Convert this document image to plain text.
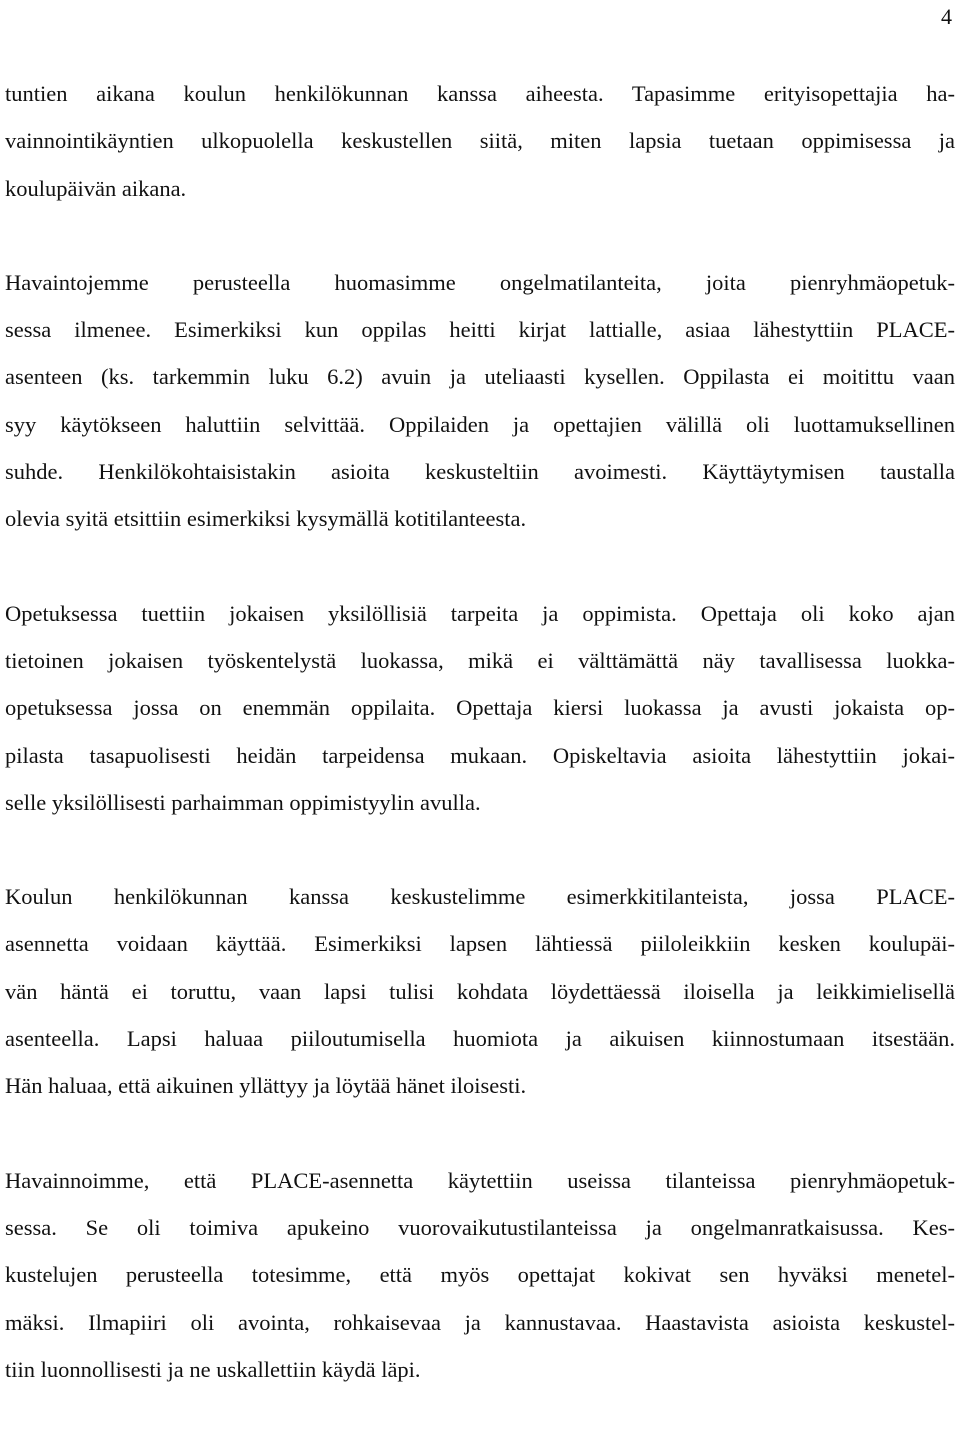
4

tuntien aikana koulun henkilökunnan kanssa aiheesta. Tapasimme erityisopettajia ha-
vainnointikäyntien ulkopuolella keskustellen siitä, miten lapsia tuetaan oppimisessa ja
koulupäivän aikana.

Havaintojemme perusteella huomasimme ongelmatilanteita, joita pienryhmäopetuk-
sessa ilmenee. Esimerkiksi kun oppilas heitti kirjat lattialle, asiaa lähestyttiin PLACE-
asenteen (ks. tarkemmin luku 6.2) avuin ja uteliaasti kysellen. Oppilasta ei moitittu vaan
syy käytökseen haluttiin selvittää. Oppilaiden ja opettajien välillä oli luottamuksellinen
suhde. Henkilökohtaisistakin asioita keskusteltiin avoimesti. Käyttäytymisen taustalla
olevia syitä etsittiin esimerkiksi kysymällä kotitilanteesta.

Opetuksessa tuettiin jokaisen yksilöllisiä tarpeita ja oppimista. Opettaja oli koko ajan
tietoinen jokaisen työskentelystä luokassa, mikä ei välttämättä näy tavallisessa luokka-
opetuksessa jossa on enemmän oppilaita. Opettaja kiersi luokassa ja avusti jokaista op-
pilasta tasapuolisesti heidän tarpeidensa mukaan. Opiskeltavia asioita lähestyttiin jokai-
selle yksilöllisesti parhaimman oppimistyylin avulla.

Koulun henkilökunnan kanssa keskustelimme esimerkkitilanteista, jossa PLACE-
asennetta voidaan käyttää. Esimerkiksi lapsen lähtiessä piiloleikkiin kesken koulupäi-
vän häntä ei toruttu, vaan lapsi tulisi kohdata löydettäessä iloisella ja leikkimielisellä
asenteella. Lapsi haluaa piiloutumisella huomiota ja aikuisen kiinnostumaan itsestään.
Hän haluaa, että aikuinen yllättyy ja löytää hänet iloisesti.

Havainnoimme, että PLACE-asennetta käytettiin useissa tilanteissa pienryhmäopetuk-
sessa. Se oli toimiva apukeino vuorovaikutustilanteissa ja ongelmanratkaisussa. Kes-
kustelujen perusteella totesimme, että myös opettajat kokivat sen hyväksi menetel-
mäksi. Ilmapiiri oli avointa, rohkaisevaa ja kannustavaa. Haastavista asioista keskustel-
tiin luonnollisesti ja ne uskallettiin käydä läpi.
